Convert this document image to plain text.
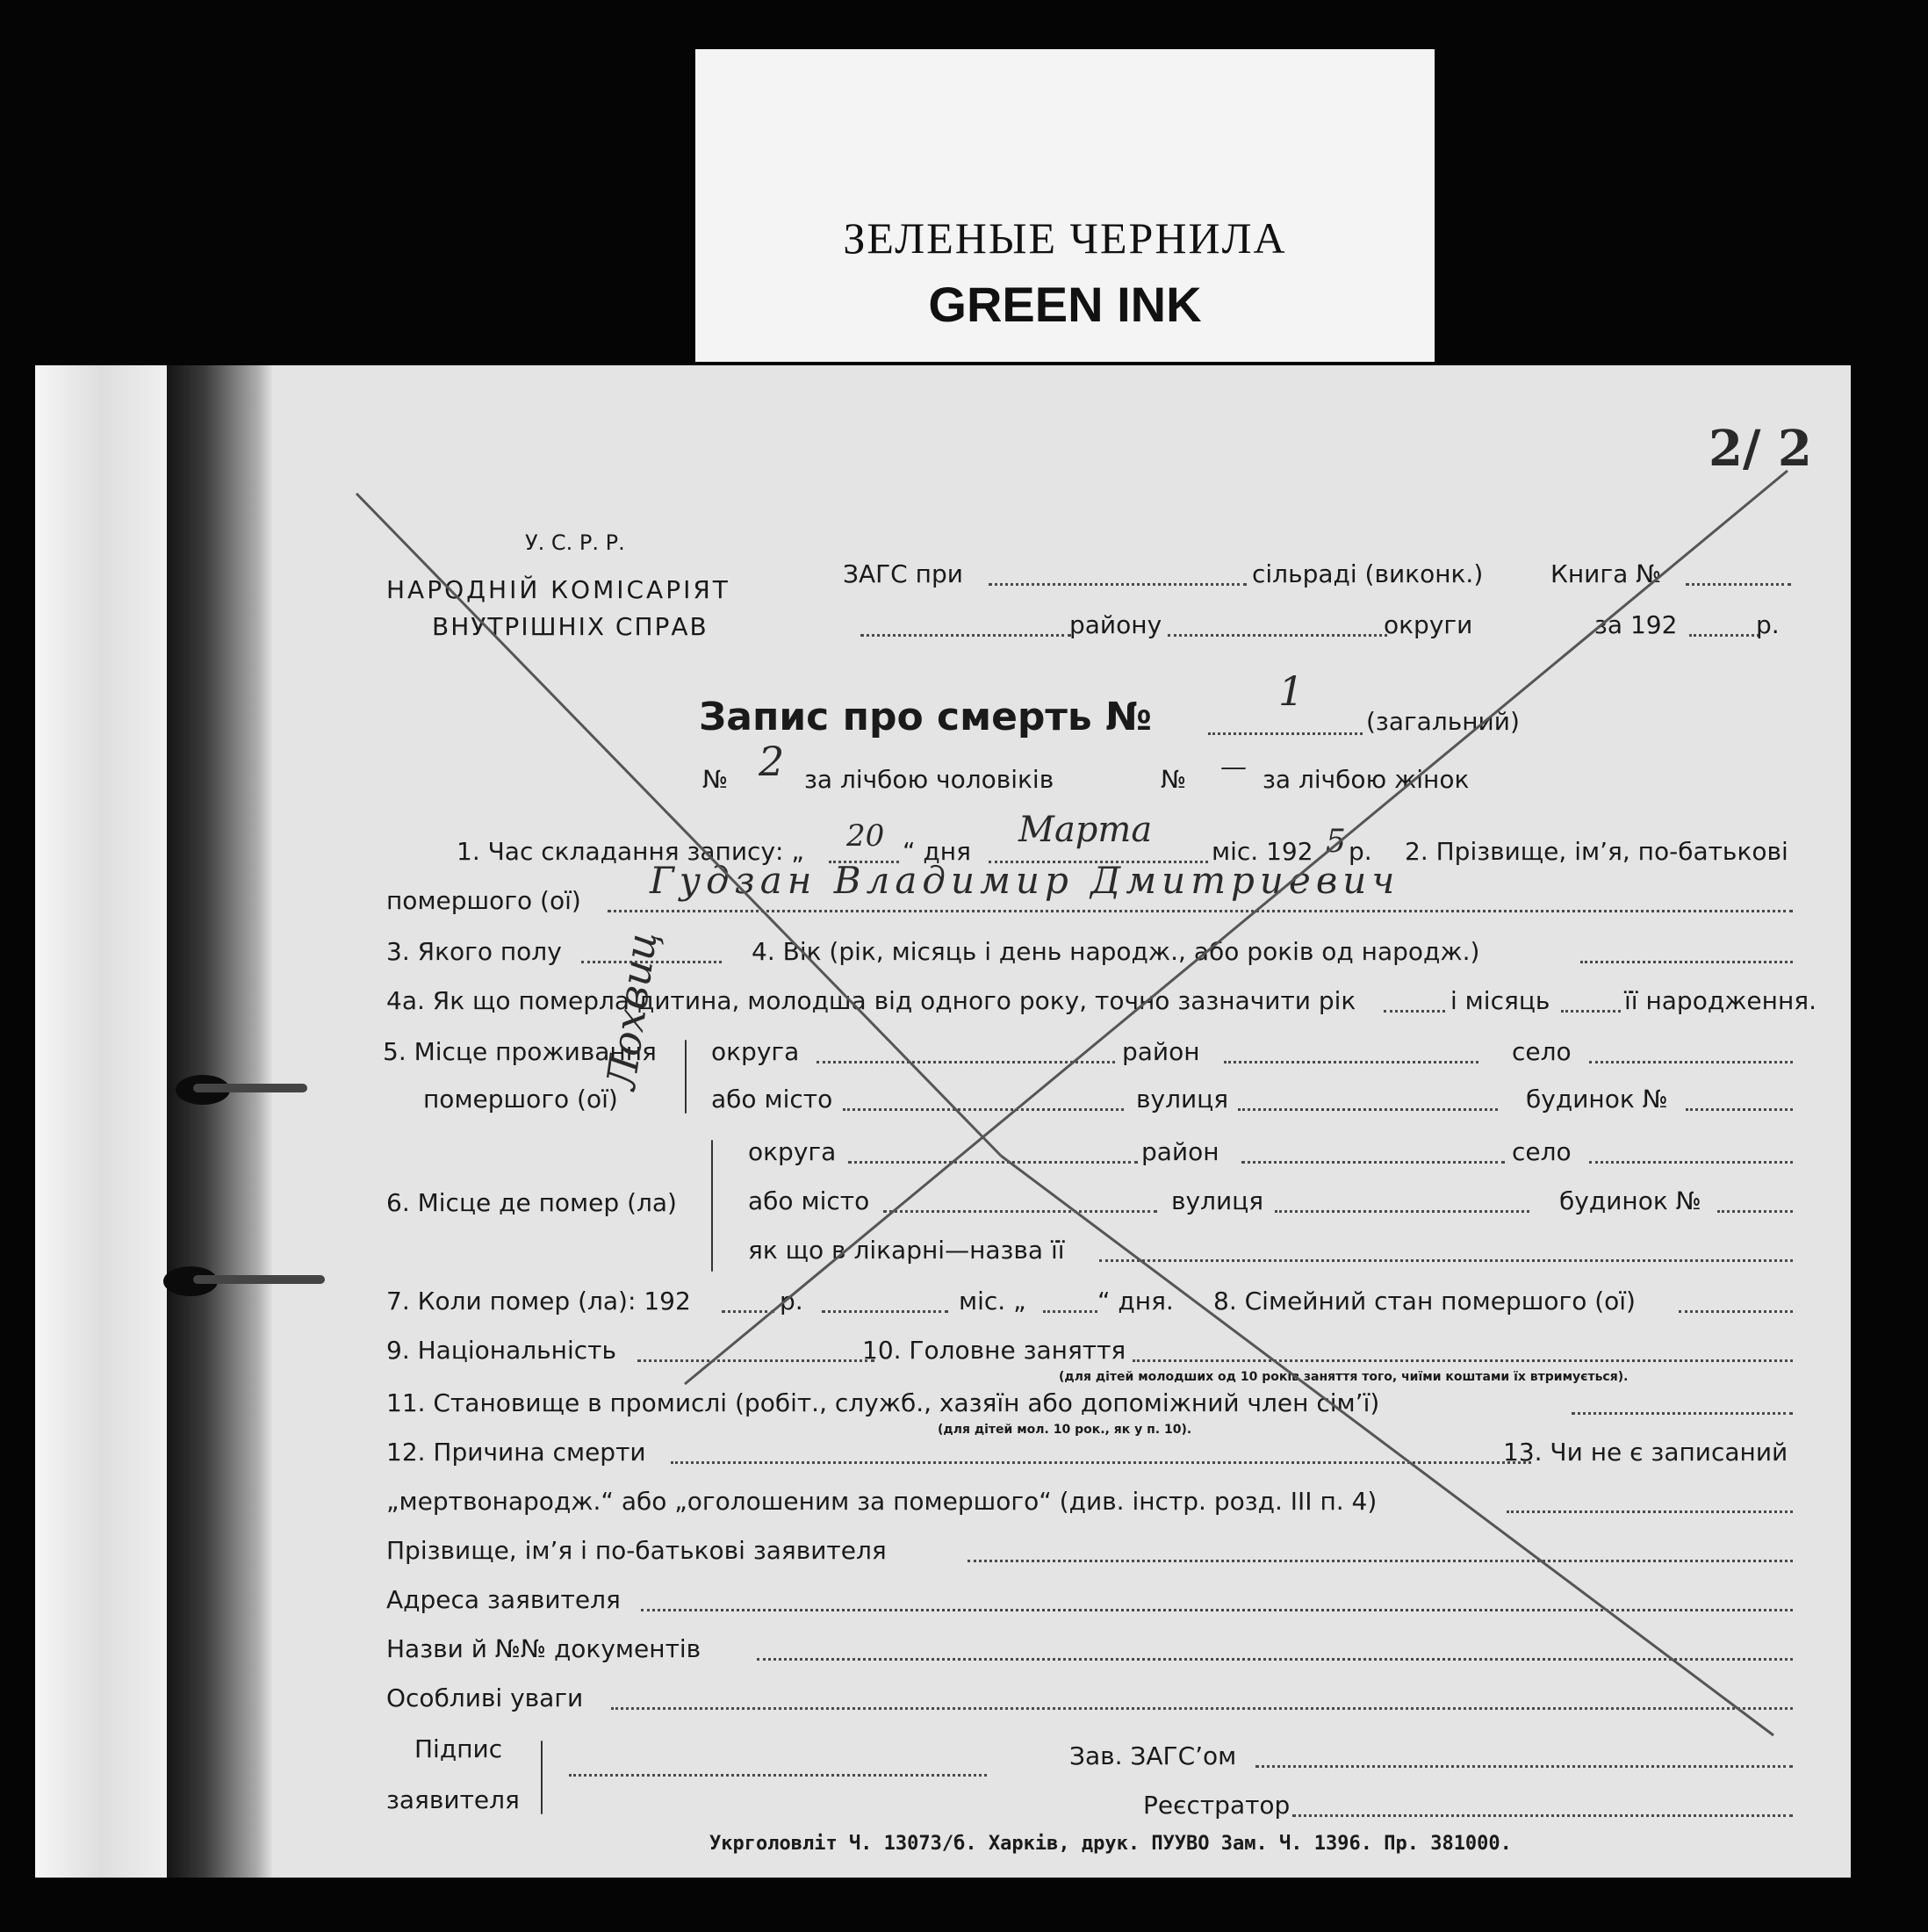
ЗЕЛЕНЫЕ ЧЕРНИЛА
GREEN INK
У. С. Р. Р.
НАРОДНІЙ КОМІСАРІЯТ
ВНУТРІШНІХ СПРАВ
ЗАГС при	сільраді (виконк.)	Книга №
району	округи	за 192	р.
Запис про смерть №
1
(загальний)
№ 2 за лічбою чоловіків	№ — за лічбою жінок
1. Час складання запису: „ 20 “ дня
Марта
міс. 192 5 р. 2. Прізвище, ім’я, по-батькові
помершого (ої) Гудзан Владимир Дмитриевич
3. Якого полу	4. Вік (рік, місяць і день народж., або років од народж.)
4а. Як що померла дитина, молодша від одного року, точно зазначити рік	і місяць	її народження.
5. Місце проживання
помершого (ої)
округа	район	село
або місто	вулиця	будинок №
6. Місце де помер (ла)
округа	район	село
або місто	вулиця	будинок №
як що в лікарні—назва її
7. Коли помер (ла): 192	р.	міс. „	“ дня. 8. Сімейний стан помершого (ої)
9. Національність	10. Головне заняття
(для дітей молодших од 10 років заняття того, чиїми коштами їх втримується).
11. Становище в промислі (робіт., служб., хазяїн або допоміжний член сім’ї)
(для дітей мол. 10 рок., як у п. 10).
12. Причина смерти	13. Чи не є записаний
„мертвонародж.“ або „оголошеним за помершого“ (див. інстр. розд. III п. 4)
Прізвище, ім’я і по-батькові заявителя
Адреса заявителя
Назви й №№ документів
Особливі уваги
Підпис
заявителя
Зав. ЗАГС’ом
Реєстратор
Укрголовліт Ч. 13073/б. Харків, друк. ПУУВО Зам. Ч. 1396. Пр. 381000.
Лохвиц
2/ 2
